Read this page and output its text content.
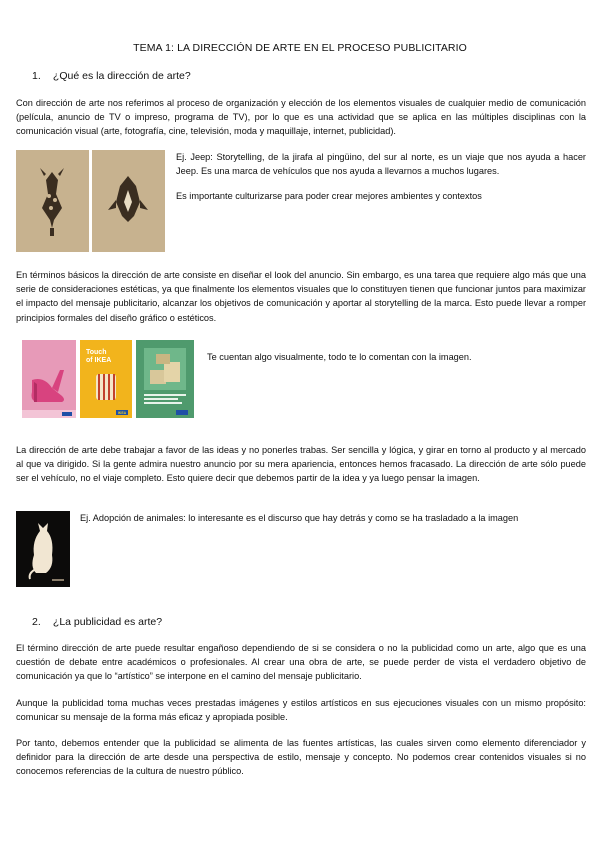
TEMA 1: LA DIRECCIÓN DE ARTE EN EL PROCESO PUBLICITARIO
1. ¿Qué es la dirección de arte?
Con dirección de arte nos referimos al proceso de organización y elección de los elementos visuales de cualquier medio de comunicación (película, anuncio de TV o impreso, programa de TV), por lo que es una actividad que se aplica en las múltiples disciplinas con la comunicación visual (arte, fotografía, cine, televisión, moda y maquillaje, internet, publicidad).
Ej. Jeep: Storytelling, de la jirafa al pingüino, del sur al norte, es un viaje que nos ayuda a hacer Jeep. Es una marca de vehículos que nos ayuda a llevarnos a muchos lugares.
Es importante culturizarse para poder crear mejores ambientes y contextos
En términos básicos la dirección de arte consiste en diseñar el look del anuncio. Sin embargo, es una tarea que requiere algo más que una serie de consideraciones estéticas, ya que finalmente los elementos visuales que lo constituyen tienen que funcionar juntos para maximizar el impacto del mensaje publicitario, alcanzar los objetivos de comunicación y aportar al storytelling de la marca. Esto puede llevar a romper principios formales del diseño gráfico o estéticos.
Touch
of IKEA
IKEA
Te cuentan algo visualmente, todo te lo comentan con la imagen.
La dirección de arte debe trabajar a favor de las ideas y no ponerles trabas. Ser sencilla y lógica, y girar en torno al producto y al mercado al que va dirigido. Si la gente admira nuestro anuncio por su mera apariencia, entonces hemos fracasado. La dirección de arte sólo puede ser el vehículo, no el viaje completo. Esto quiere decir que debemos partir de la idea y ya luego pensar la imagen.
Ej. Adopción de animales: lo interesante es el discurso que hay detrás y como se ha trasladado a la imagen
2. ¿La publicidad es arte?
El término dirección de arte puede resultar engañoso dependiendo de si se considera o no la publicidad como un arte, algo que es una cuestión de debate entre académicos o profesionales. Al crear una obra de arte, se puede perder de vista el verdadero objetivo de comunicación ya que lo “artístico” se interpone en el camino del mensaje publicitario.
Aunque la publicidad toma muchas veces prestadas imágenes y estilos artísticos en sus ejecuciones visuales con un mismo propósito: comunicar su mensaje de la forma más eficaz y apropiada posible.
Por tanto, debemos entender que la publicidad se alimenta de las fuentes artísticas, las cuales sirven como elemento diferenciador y definidor para la dirección de arte desde una perspectiva de estilo, mensaje y concepto. No podemos crear contenidos visuales si no conocemos referencias de la cultura de nuestro público.
